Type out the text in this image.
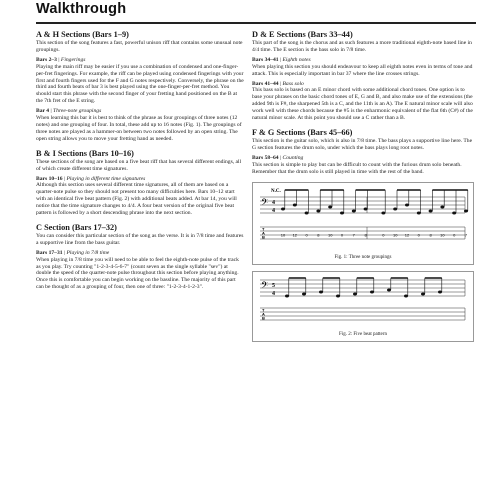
Walkthrough
A & H Sections (Bars 1–9)

This section of the song features a fast, powerful unison riff that contains some unusual note groupings.

Bars 2–3 | Fingerings

Playing the main riff may be easier if you use a combination of condensed and one-finger-per-fret fingerings. For example, the riff can be played using condensed fingerings with your first and fourth fingers used for the F and G notes respectively. Conversely, the phrase on the third and fourth beats of bar 3 is best played using the one-finger-per-fret method. You should start this phrase with the second finger of your fretting hand positioned on the B at the 7th fret of the E string.

Bar 4 | Three-note groupings

When learning this bar it is best to think of the phrase as four groupings of three notes (12 notes) and one grouping of four. In total, these add up to 16 notes (Fig. 1). The groupings of three notes are played as a hammer-on between two notes followed by an open string. The open string allows you to move your fretting hand as needed.

B & I Sections (Bars 10–16)

These sections of the song are based on a five beat riff that has several different endings, all of which create different time signatures.

Bars 10–16 | Playing in different time signatures

Although this section uses several different time signatures, all of them are based on a quarter-note pulse so they should not present too many difficulties here. Bars 10–12 start with an identical five beat pattern (Fig. 2) with additional beats added. At bar 14, you will notice that the time signature changes to 4/4. A four beat version of the original five beat pattern is followed by a short descending phrase into the next section.

C Section (Bars 17–32)

You can consider this particular section of the song as the verse. It is in 7/8 time and features a supportive line from the bass guitar.

Bars 17–31 | Playing in 7/8 time

When playing in 7/8 time you will need to be able to feel the eighth-note pulse of the track as you play. Try counting "1-2-3-4-5-6-7" (count seven as the single syllable "sev") at double the speed of the quarter-note pulse throughout this section before playing anything. Once this is comfortable you can begin working on the bassline. The majority of this part can be thought of as a grouping of four, then one of three: "1-2-3-4-1-2-3".

D & E Sections (Bars 33–44)

This part of the song is the chorus and as such features a more traditional eighth-note based line in 4/4 time. The E section is the bass solo in 7/8 time.

Bars 34–41 | Eighth notes

When playing this section you should endeavour to keep all eighth notes even in terms of tone and attack. This is especially important in bar 37 where the line crosses strings.

Bars 41–44 | Bass solo

This bass solo is based on an E minor chord with some additional chord tones. One option is to base your phrases on the basic chord tones of E, G and B, and also make use of the extensions (the added 9th is F#, the sharpened 5th is a C, and the 11th is an A). The E natural minor scale will also work well with these chords because the #5 is the enharmonic equivalent of the flat 6th (C#) of the natural minor scale. At this point you should use a C rather than a B.

F & G Sections (Bars 45–66)

This section is the guitar solo, which is also in 7/8 time. The bass plays a supportive line here. The G section features the drum solo, under which the bass plays long root notes.

Bars 58–64 | Counting

This section is simple to play but can be difficult to count with the furious drum solo beneath. Remember that the drum solo is still played in time with the rest of the band.

N.C.
𝄢 4
4
T
A
B	10 12 0 8 10 0 7 8	0 10 12 0 8 10 0 7
Fig. 1: Three note groupings
𝄢 5
4
T
A
B
Fig. 2: Five beat pattern
